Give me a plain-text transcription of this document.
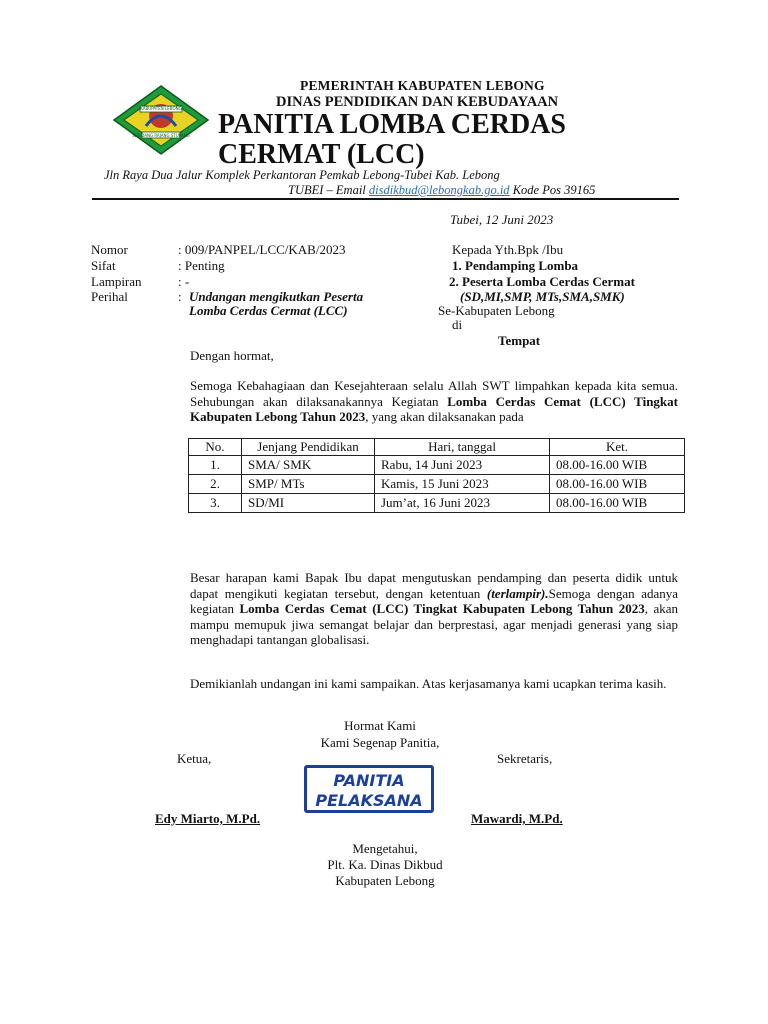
KABUPATEN LEBONG
SEBIDANG RAJANG STUPANG
PEMERINTAH KABUPATEN LEBONG
DINAS PENDIDIKAN DAN KEBUDAYAAN
PANITIA LOMBA CERDAS
CERMAT (LCC)
Jln Raya Dua Jalur Komplek Perkantoran Pemkab Lebong-Tubei Kab. Lebong
TUBEI – Email disdikbud@lebongkab.go.id Kode Pos 39165
Tubei, 12 Juni 2023
Nomor	: 009/PANPEL/LCC/KAB/2023
Sifat	: Penting
Lampiran	: -
Perihal	: Undangan mengikutkan Peserta
Lomba Cerdas Cermat (LCC)
Kepada Yth.Bpk /Ibu
1. Pendamping Lomba
2. Peserta Lomba Cerdas Cermat
(SD,MI,SMP, MTs,SMA,SMK)
Se-Kabupaten Lebong
di
Tempat
Dengan hormat,
Semoga Kebahagiaan dan Kesejahteraan selalu Allah SWT limpahkan kepada kita semua. Sehubungan akan dilaksanakannya Kegiatan Lomba Cerdas Cemat (LCC) Tingkat Kabupaten Lebong Tahun 2023, yang akan dilaksanakan pada
No.	Jenjang Pendidikan	Hari, tanggal	Ket.
1.	SMA/ SMK	Rabu, 14 Juni 2023	08.00-16.00 WIB
2.	SMP/ MTs	Kamis, 15 Juni 2023	08.00-16.00 WIB
3.	SD/MI	Jum’at, 16 Juni 2023	08.00-16.00 WIB
Besar harapan kami Bapak Ibu dapat mengutuskan pendamping dan peserta didik untuk dapat mengikuti kegiatan tersebut, dengan ketentuan (terlampir).Semoga dengan adanya kegiatan Lomba Cerdas Cemat (LCC) Tingkat Kabupaten Lebong Tahun 2023, akan mampu memupuk jiwa semangat belajar dan berprestasi, agar menjadi generasi yang siap menghadapi tantangan globalisasi.
Demikianlah undangan ini kami sampaikan. Atas kerjasamanya kami ucapkan terima kasih.
Hormat Kami
Kami Segenap Panitia,
Ketua,	Sekretaris,
PANITIA
PELAKSANA
Edy Miarto, M.Pd.	Mawardi, M.Pd.
Mengetahui,
Plt. Ka. Dinas Dikbud
Kabupaten Lebong
